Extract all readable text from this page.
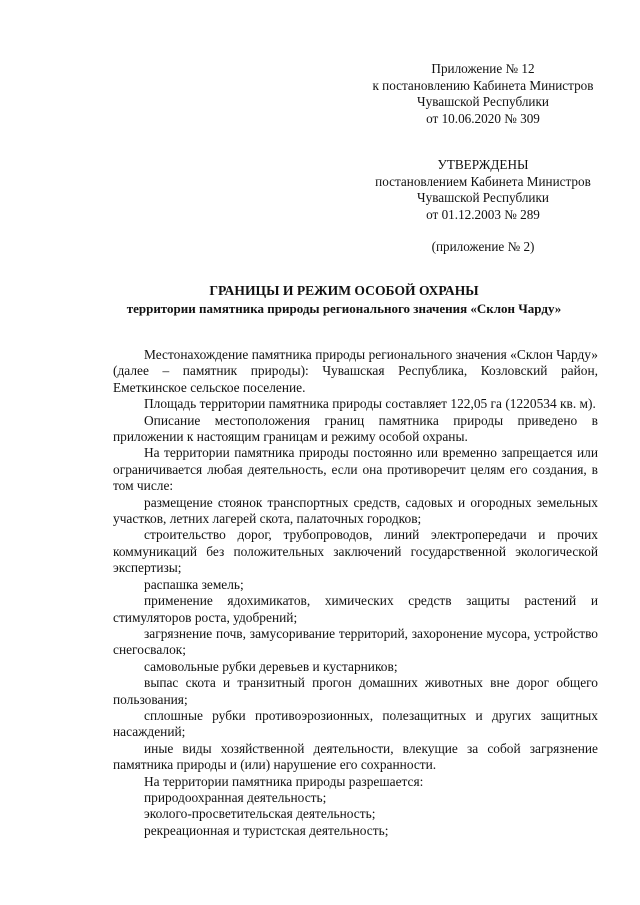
Приложение № 12
к постановлению Кабинета Министров
Чувашской Республики
от 10.06.2020 № 309
УТВЕРЖДЕНЫ
постановлением Кабинета Министров
Чувашской Республики
от 01.12.2003 № 289
(приложение № 2)
ГРАНИЦЫ И РЕЖИМ ОСОБОЙ ОХРАНЫ
территории памятника природы регионального значения «Склон Чарду»

Местонахождение памятника природы регионального значения «Склон Чарду» (далее – памятник природы): Чувашская Республика, Козловский район, Еметкинское сельское поселение.

Площадь территории памятника природы составляет 122,05 га (1220534 кв. м).

Описание местоположения границ памятника природы приведено в приложении к настоящим границам и режиму особой охраны.

На территории памятника природы постоянно или временно запрещается или ограничивается любая деятельность, если она противоречит целям его создания, в том числе:

размещение стоянок транспортных средств, садовых и огородных земельных участков, летних лагерей скота, палаточных городков;

строительство дорог, трубопроводов, линий электропередачи и прочих коммуникаций без положительных заключений государственной экологической экспертизы;

распашка земель;

применение ядохимикатов, химических средств защиты растений и стимуляторов роста, удобрений;

загрязнение почв, замусоривание территорий, захоронение мусора, устройство снегосвалок;

самовольные рубки деревьев и кустарников;

выпас скота и транзитный прогон домашних животных вне дорог общего пользования;

сплошные рубки противоэрозионных, полезащитных и других защитных насаждений;

иные виды хозяйственной деятельности, влекущие за собой загрязнение памятника природы и (или) нарушение его сохранности.

На территории памятника природы разрешается:

природоохранная деятельность;

эколого-просветительская деятельность;

рекреационная и туристская деятельность;
